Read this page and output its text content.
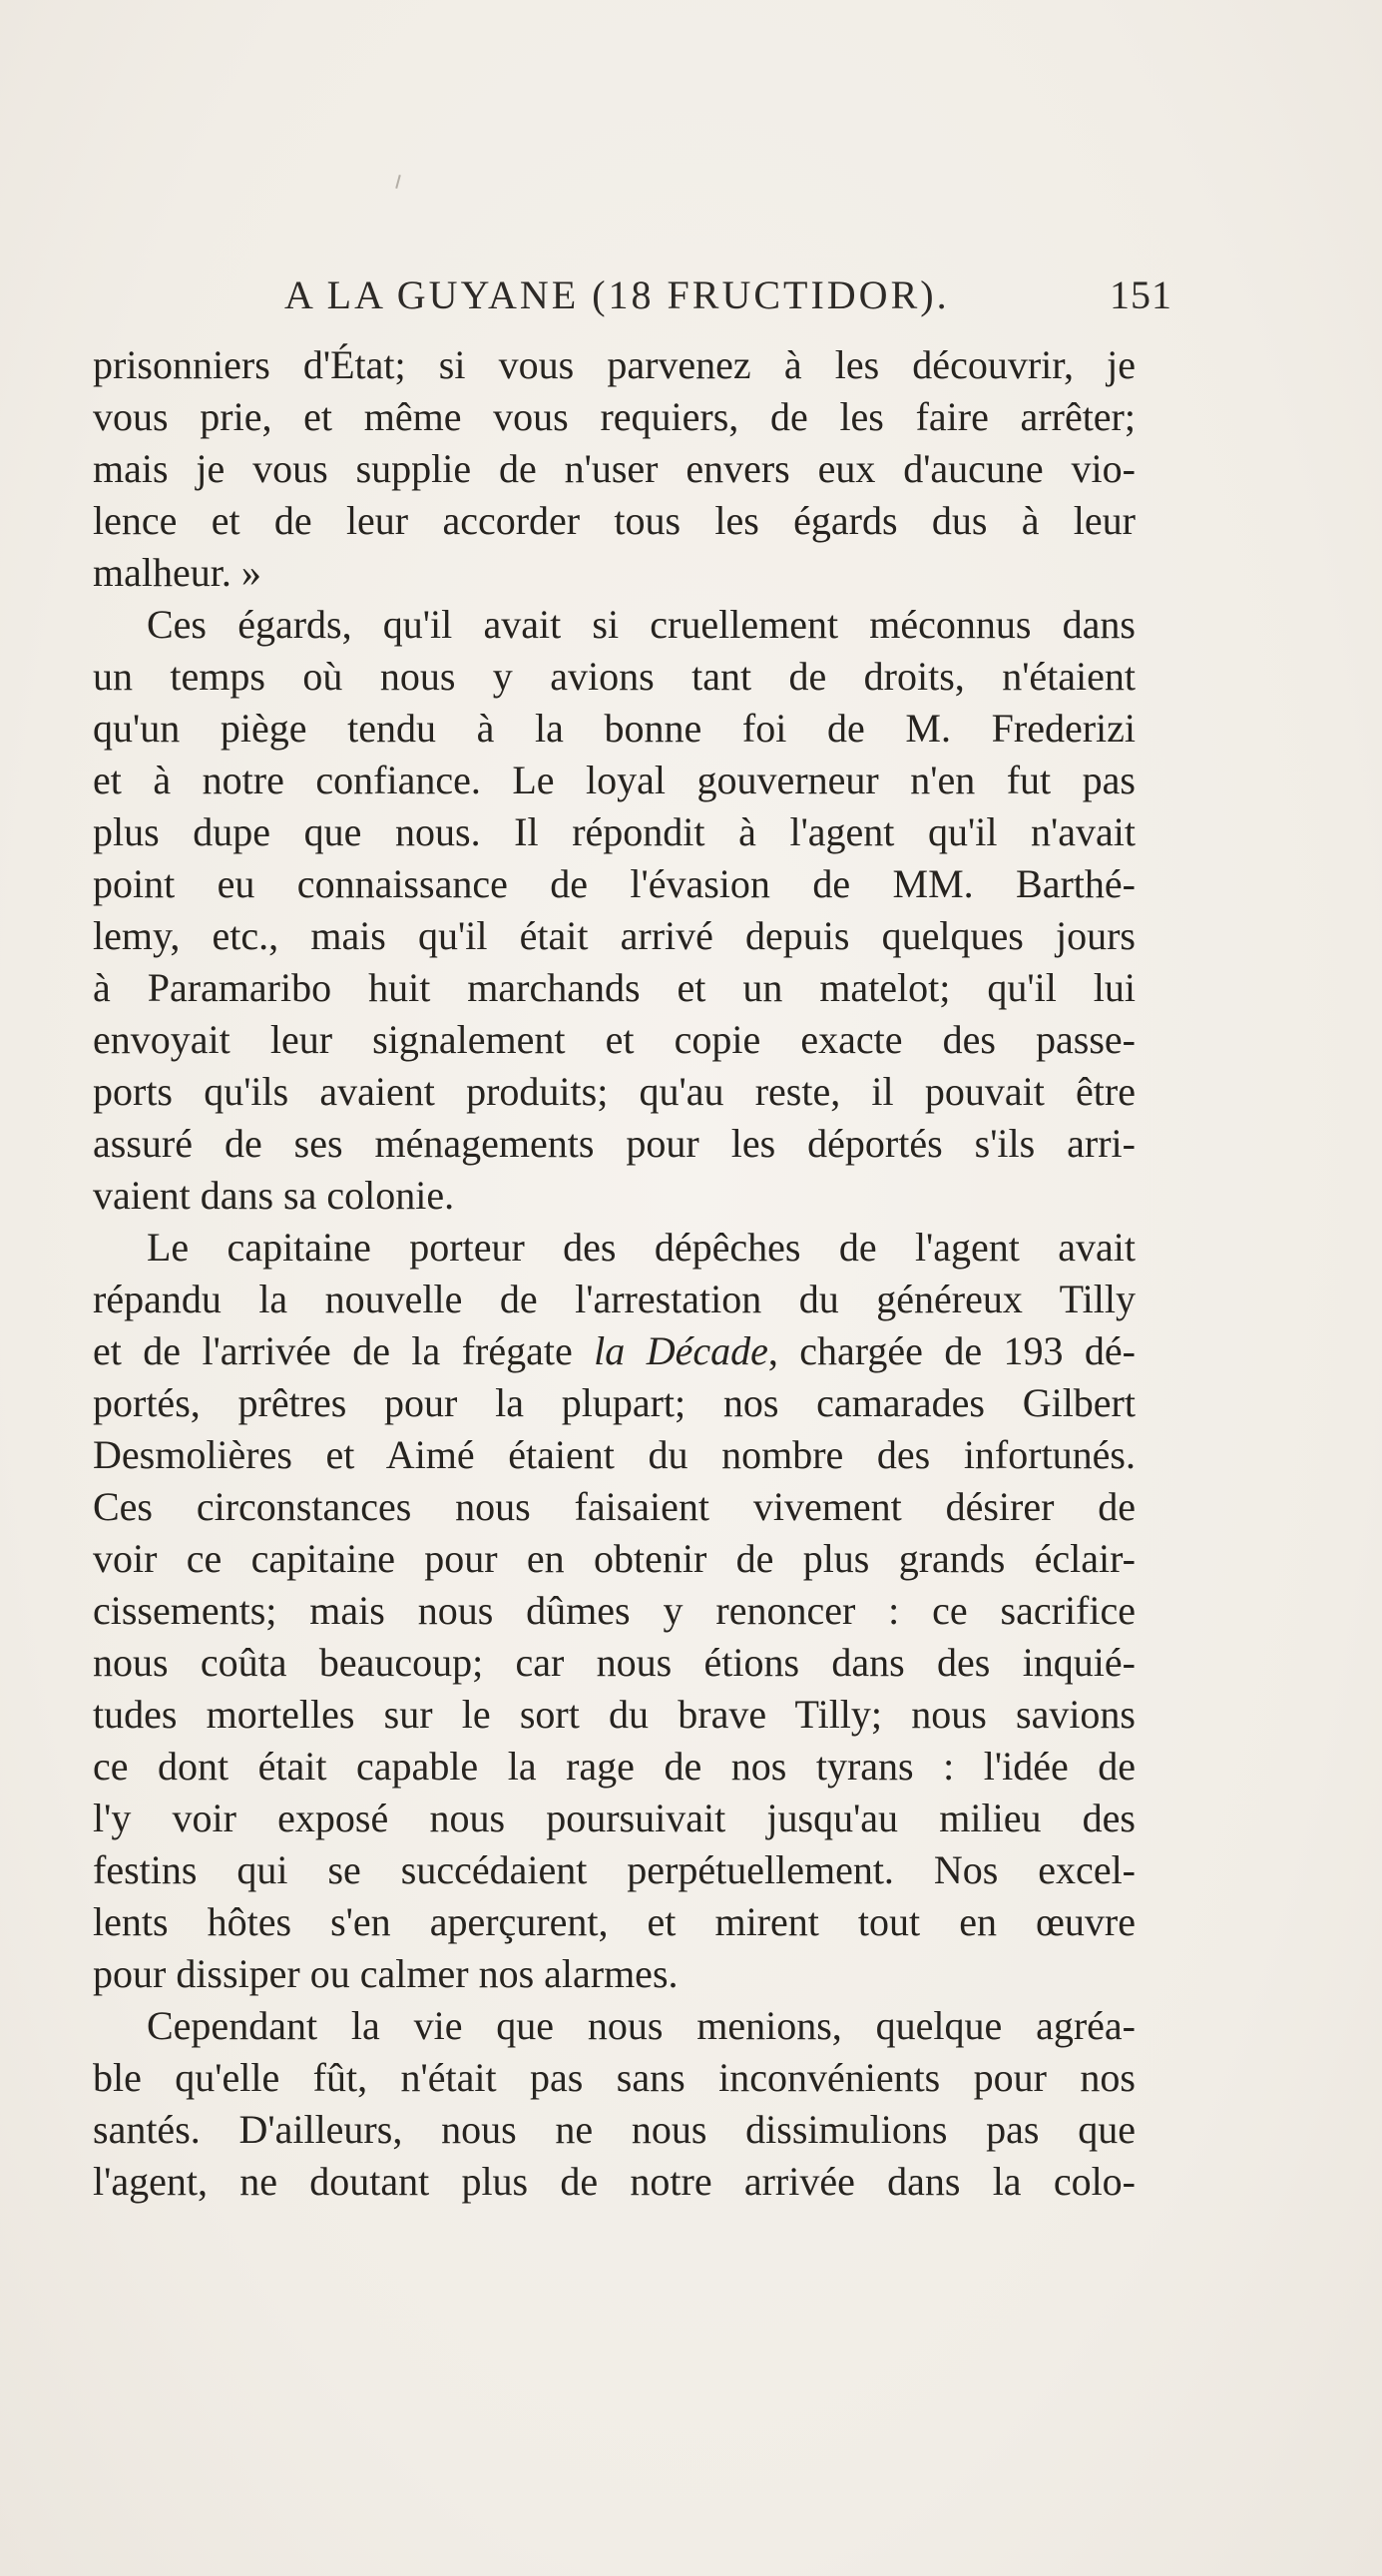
A LA GUYANE (18 FRUCTIDOR).	151
prisonniers d'État; si vous parvenez à les découvrir, je
vous prie, et même vous requiers, de les faire arrêter;
mais je vous supplie de n'user envers eux d'aucune vio-
lence et de leur accorder tous les égards dus à leur
malheur. »
Ces égards, qu'il avait si cruellement méconnus dans
un temps où nous y avions tant de droits, n'étaient
qu'un piège tendu à la bonne foi de M. Frederizi
et à notre confiance. Le loyal gouverneur n'en fut pas
plus dupe que nous. Il répondit à l'agent qu'il n'avait
point eu connaissance de l'évasion de MM. Barthé-
lemy, etc., mais qu'il était arrivé depuis quelques jours
à Paramaribo huit marchands et un matelot; qu'il lui
envoyait leur signalement et copie exacte des passe-
ports qu'ils avaient produits; qu'au reste, il pouvait être
assuré de ses ménagements pour les déportés s'ils arri-
vaient dans sa colonie.
Le capitaine porteur des dépêches de l'agent avait
répandu la nouvelle de l'arrestation du généreux Tilly
et de l'arrivée de la frégate la Décade, chargée de 193 dé-
portés, prêtres pour la plupart; nos camarades Gilbert
Desmolières et Aimé étaient du nombre des infortunés.
Ces circonstances nous faisaient vivement désirer de
voir ce capitaine pour en obtenir de plus grands éclair-
cissements; mais nous dûmes y renoncer : ce sacrifice
nous coûta beaucoup; car nous étions dans des inquié-
tudes mortelles sur le sort du brave Tilly; nous savions
ce dont était capable la rage de nos tyrans : l'idée de
l'y voir exposé nous poursuivait jusqu'au milieu des
festins qui se succédaient perpétuellement. Nos excel-
lents hôtes s'en aperçurent, et mirent tout en œuvre
pour dissiper ou calmer nos alarmes.
Cependant la vie que nous menions, quelque agréa-
ble qu'elle fût, n'était pas sans inconvénients pour nos
santés. D'ailleurs, nous ne nous dissimulions pas que
l'agent, ne doutant plus de notre arrivée dans la colo-
